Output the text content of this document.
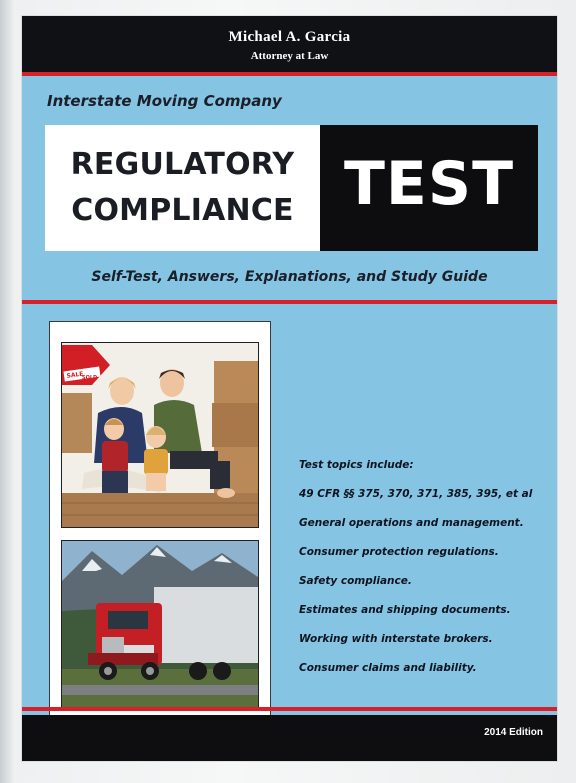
Michael A. Garcia
Attorney at Law
Interstate Moving Company
REGULATORY
COMPLIANCE TEST
Self-Test, Answers, Explanations, and Study Guide
OR SALE
SOLD
Test topics include:
49 CFR §§ 375, 370, 371, 385, 395, et al
General operations and management.
Consumer protection regulations.
Safety compliance.
Estimates and shipping documents.
Working with interstate brokers.
Consumer claims and liability.
2014 Edition
